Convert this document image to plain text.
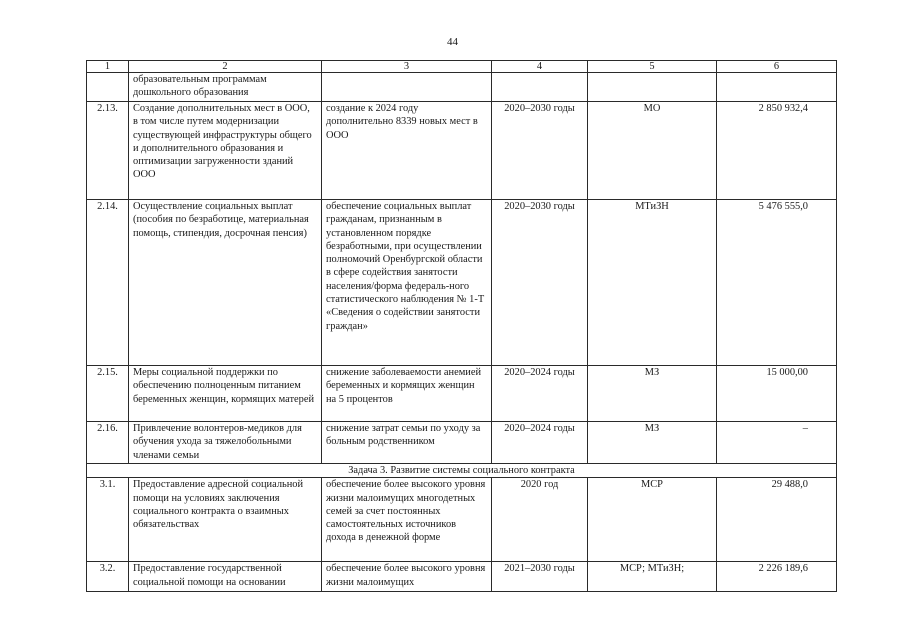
44
1	2	3	4	5	6
	образовательным программам дошкольного образования				
2.13.	Создание дополнительных мест в ООО, в том числе путем модернизации существующей инфраструктуры общего и дополнительного образования и оптимизации загруженности зданий ООО	создание к 2024 году дополнительно 8339 новых мест в ООО	2020–2030 годы	МО	2 850 932,4
2.14.	Осуществление социальных выплат (пособия по безработице, материальная помощь, стипендия, досрочная пенсия)	обеспечение социальных выплат гражданам, признанным в установленном порядке безработными, при осуществлении полномочий Оренбургской области в сфере содействия занятости населения/форма федераль-ного статистического наблюдения № 1-Т «Сведения о содействии занятости граждан»	2020–2030 годы	МТиЗН	5 476 555,0
2.15.	Меры социальной поддержки по обеспечению полноценным питанием беременных женщин, кормящих матерей	снижение заболеваемости анемией беременных и кормящих женщин на 5 процентов	2020–2024 годы	МЗ	15 000,00
2.16.	Привлечение волонтеров-медиков для обучения ухода за тяжелобольными членами семьи	снижение затрат семьи по уходу за больным родственником	2020–2024 годы	МЗ	–
Задача 3. Развитие системы социального контракта					
3.1.	Предоставление адресной социальной помощи на условиях заключения социального контракта о взаимных обязательствах	обеспечение более высокого уровня жизни малоимущих многодетных семей за счет постоянных самостоятельных источников дохода в денежной форме	2020 год	МСР	29 488,0
3.2.	Предоставление государственной социальной помощи на основании	обеспечение более высокого уровня жизни малоимущих	2021–2030 годы	МСР; МТиЗН;	2 226 189,6
